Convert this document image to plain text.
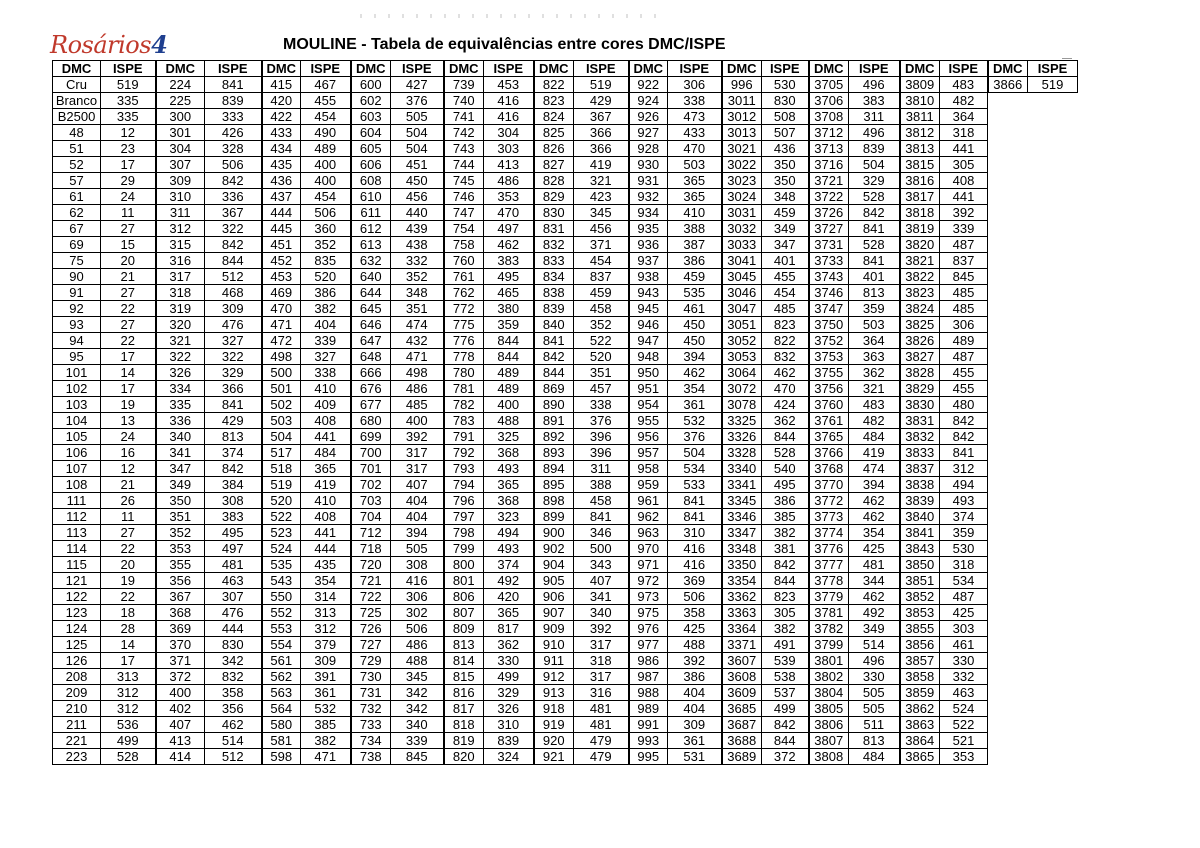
Rosários4	MOULINE - Tabela de equivalências entre cores DMC/ISPE
DMC	ISPE	DMC	ISPE	DMC	ISPE	DMC	ISPE	DMC	ISPE	DMC	ISPE	DMC	ISPE	DMC	ISPE	DMC	ISPE	DMC	ISPE	DMC	ISPE
Cru	519	224	841	415	467	600	427	739	453	822	519	922	306	996	530	3705	496	3809	483	3866	519
Branco	335	225	839	420	455	602	376	740	416	823	429	924	338	3011	830	3706	383	3810	482		
B2500	335	300	333	422	454	603	505	741	416	824	367	926	473	3012	508	3708	311	3811	364		
48	12	301	426	433	490	604	504	742	304	825	366	927	433	3013	507	3712	496	3812	318		
51	23	304	328	434	489	605	504	743	303	826	366	928	470	3021	436	3713	839	3813	441		
52	17	307	506	435	400	606	451	744	413	827	419	930	503	3022	350	3716	504	3815	305		
57	29	309	842	436	400	608	450	745	486	828	321	931	365	3023	350	3721	329	3816	408		
61	24	310	336	437	454	610	456	746	353	829	423	932	365	3024	348	3722	528	3817	441		
62	11	311	367	444	506	611	440	747	470	830	345	934	410	3031	459	3726	842	3818	392		
67	27	312	322	445	360	612	439	754	497	831	456	935	388	3032	349	3727	841	3819	339		
69	15	315	842	451	352	613	438	758	462	832	371	936	387	3033	347	3731	528	3820	487		
75	20	316	844	452	835	632	332	760	383	833	454	937	386	3041	401	3733	841	3821	837		
90	21	317	512	453	520	640	352	761	495	834	837	938	459	3045	455	3743	401	3822	845		
91	27	318	468	469	386	644	348	762	465	838	459	943	535	3046	454	3746	813	3823	485		
92	22	319	309	470	382	645	351	772	380	839	458	945	461	3047	485	3747	359	3824	485		
93	27	320	476	471	404	646	474	775	359	840	352	946	450	3051	823	3750	503	3825	306		
94	22	321	327	472	339	647	432	776	844	841	522	947	450	3052	822	3752	364	3826	489		
95	17	322	322	498	327	648	471	778	844	842	520	948	394	3053	832	3753	363	3827	487		
101	14	326	329	500	338	666	498	780	489	844	351	950	462	3064	462	3755	362	3828	455		
102	17	334	366	501	410	676	486	781	489	869	457	951	354	3072	470	3756	321	3829	455		
103	19	335	841	502	409	677	485	782	400	890	338	954	361	3078	424	3760	483	3830	480		
104	13	336	429	503	408	680	400	783	488	891	376	955	532	3325	362	3761	482	3831	842		
105	24	340	813	504	441	699	392	791	325	892	396	956	376	3326	844	3765	484	3832	842		
106	16	341	374	517	484	700	317	792	368	893	396	957	504	3328	528	3766	419	3833	841		
107	12	347	842	518	365	701	317	793	493	894	311	958	534	3340	540	3768	474	3837	312		
108	21	349	384	519	419	702	407	794	365	895	388	959	533	3341	495	3770	394	3838	494		
111	26	350	308	520	410	703	404	796	368	898	458	961	841	3345	386	3772	462	3839	493		
112	11	351	383	522	408	704	404	797	323	899	841	962	841	3346	385	3773	462	3840	374		
113	27	352	495	523	441	712	394	798	494	900	346	963	310	3347	382	3774	354	3841	359		
114	22	353	497	524	444	718	505	799	493	902	500	970	416	3348	381	3776	425	3843	530		
115	20	355	481	535	435	720	308	800	374	904	343	971	416	3350	842	3777	481	3850	318		
121	19	356	463	543	354	721	416	801	492	905	407	972	369	3354	844	3778	344	3851	534		
122	22	367	307	550	314	722	306	806	420	906	341	973	506	3362	823	3779	462	3852	487		
123	18	368	476	552	313	725	302	807	365	907	340	975	358	3363	305	3781	492	3853	425		
124	28	369	444	553	312	726	506	809	817	909	392	976	425	3364	382	3782	349	3855	303		
125	14	370	830	554	379	727	486	813	362	910	317	977	488	3371	491	3799	514	3856	461		
126	17	371	342	561	309	729	488	814	330	911	318	986	392	3607	539	3801	496	3857	330		
208	313	372	832	562	391	730	345	815	499	912	317	987	386	3608	538	3802	330	3858	332		
209	312	400	358	563	361	731	342	816	329	913	316	988	404	3609	537	3804	505	3859	463		
210	312	402	356	564	532	732	342	817	326	918	481	989	404	3685	499	3805	505	3862	524		
211	536	407	462	580	385	733	340	818	310	919	481	991	309	3687	842	3806	511	3863	522		
221	499	413	514	581	382	734	339	819	839	920	479	993	361	3688	844	3807	813	3864	521		
223	528	414	512	598	471	738	845	820	324	921	479	995	531	3689	372	3808	484	3865	353		
